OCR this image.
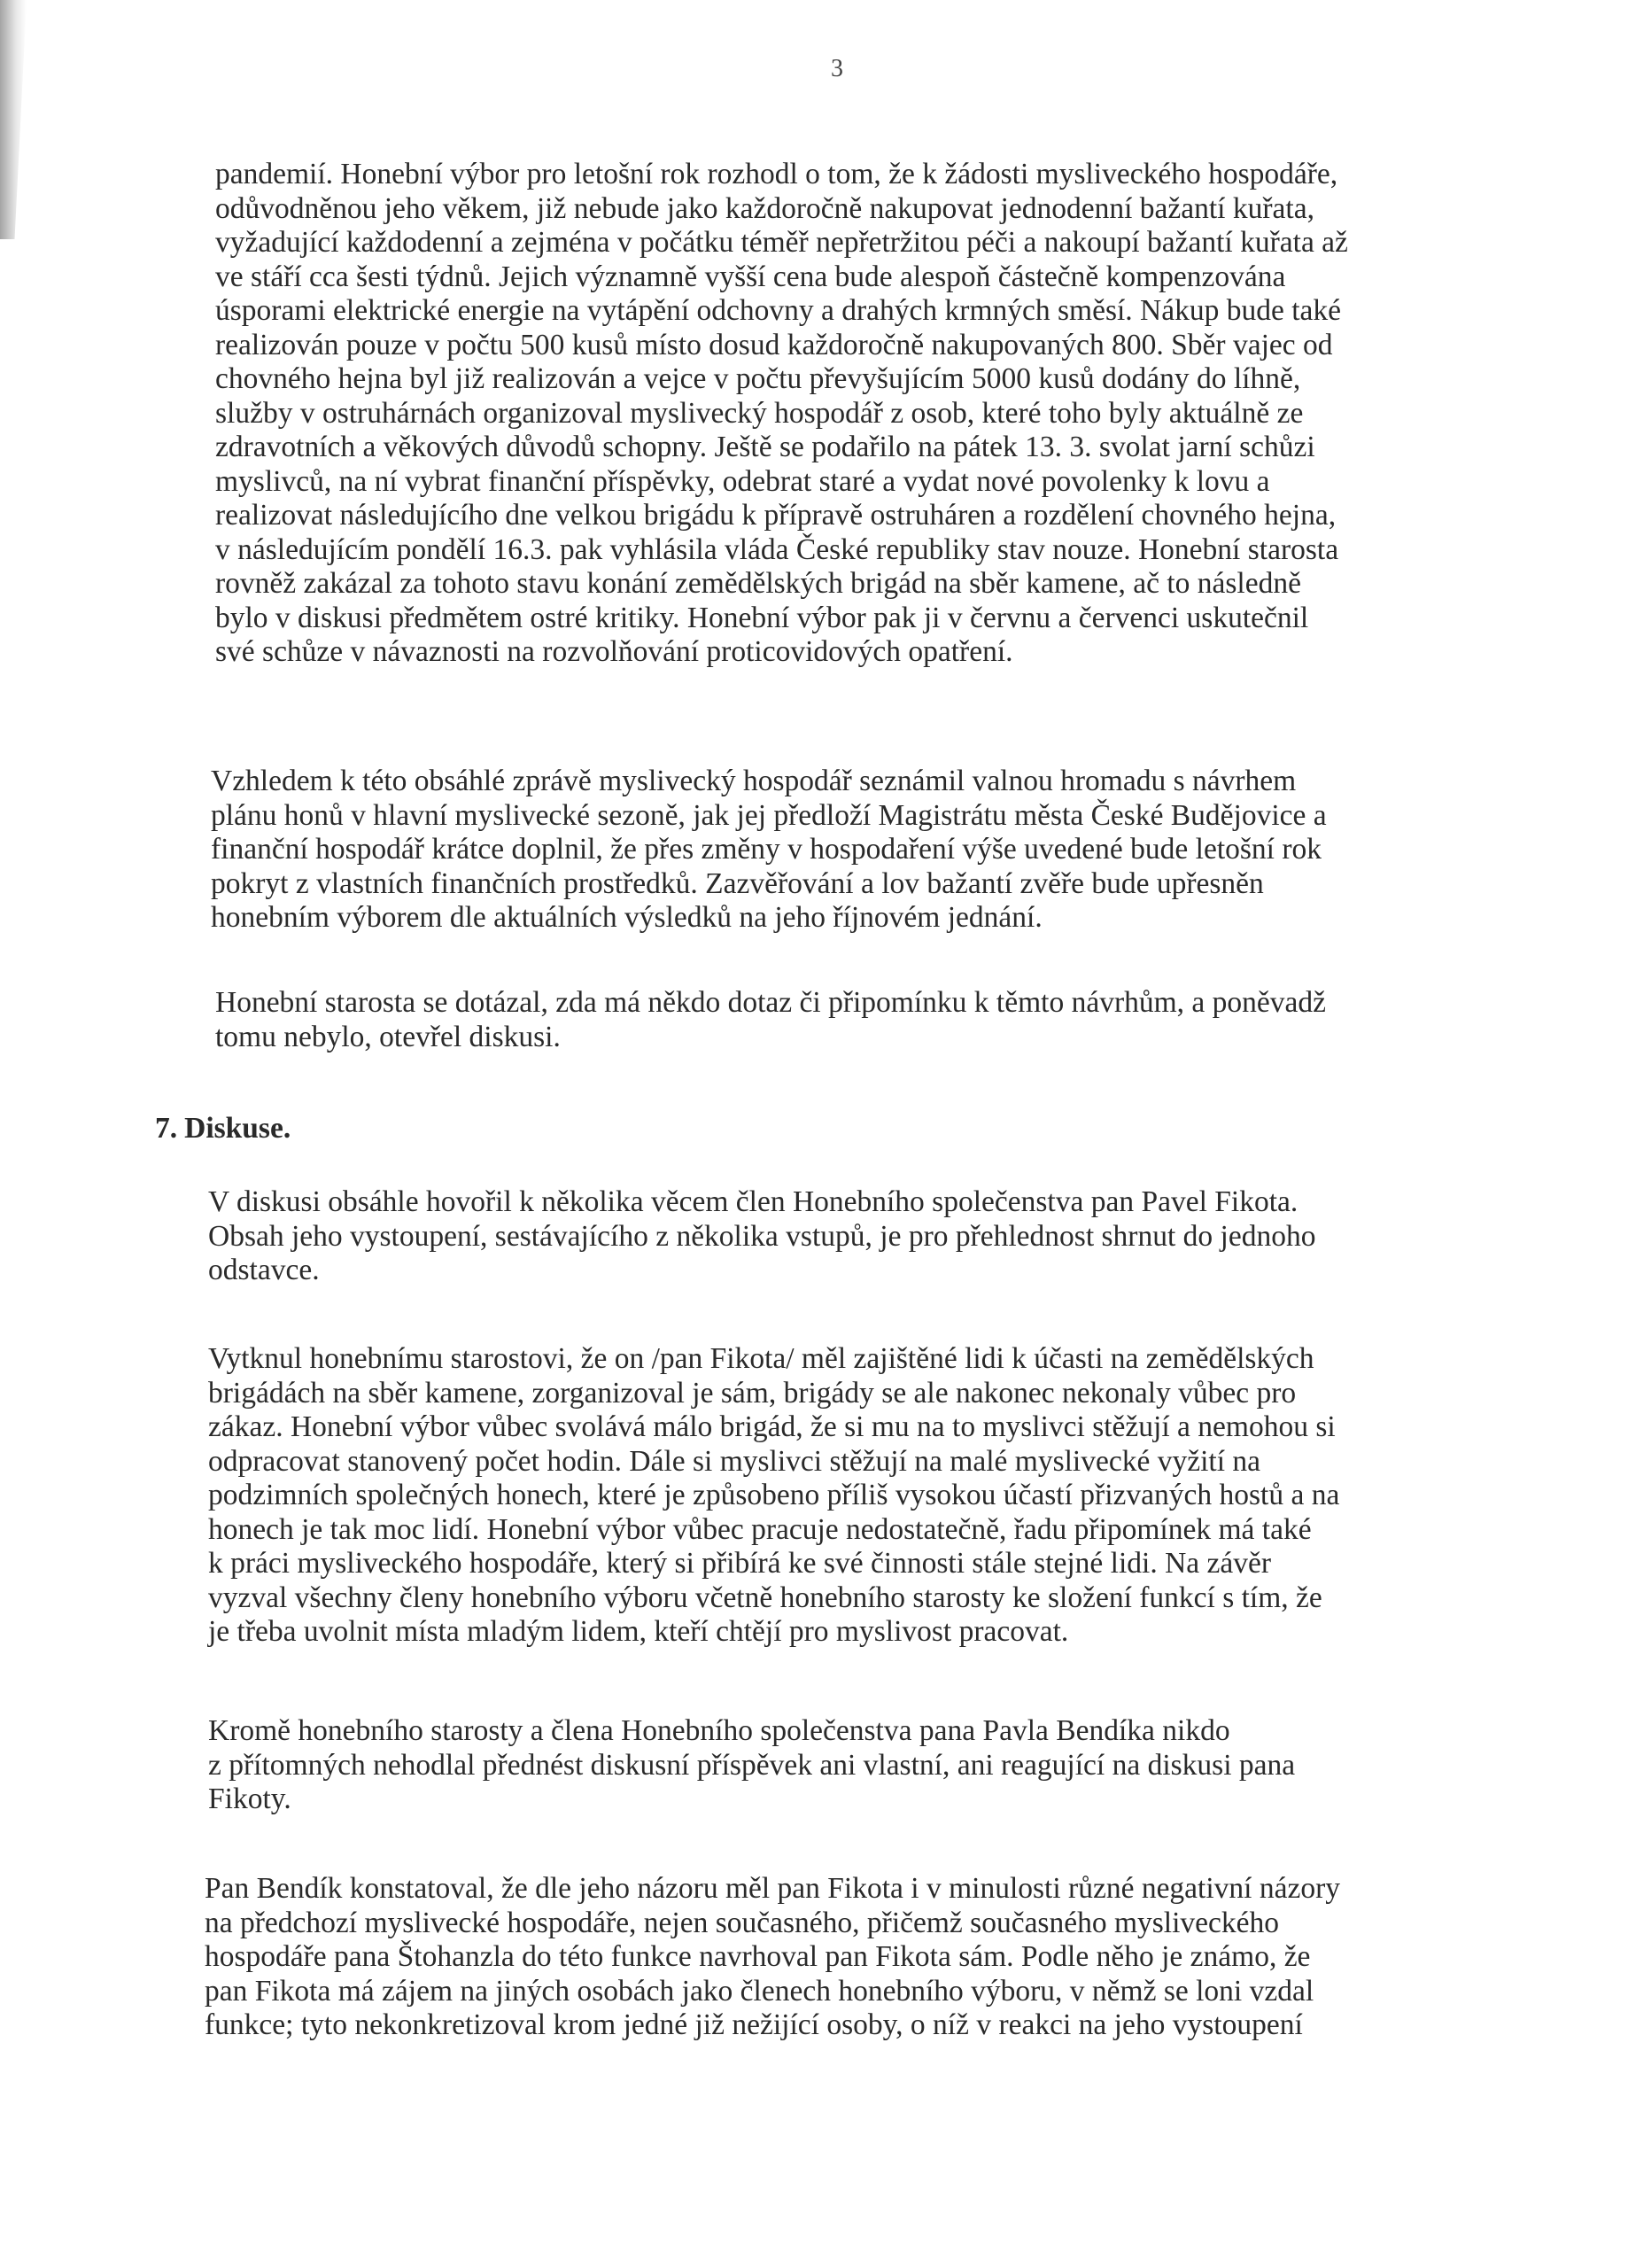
3
pandemií. Honební výbor pro letošní rok rozhodl o tom, že k žádosti mysliveckého hospodáře,
odůvodněnou jeho věkem, již nebude jako každoročně nakupovat jednodenní bažantí kuřata,
vyžadující každodenní a zejména v počátku téměř nepřetržitou péči a nakoupí bažantí kuřata až
ve stáří cca šesti týdnů. Jejich významně vyšší cena bude alespoň částečně kompenzována
úsporami elektrické energie na vytápění odchovny a drahých krmných směsí. Nákup bude také
realizován pouze v počtu 500 kusů místo dosud každoročně nakupovaných 800. Sběr vajec od
chovného hejna byl již realizován a vejce v počtu převyšujícím 5000 kusů dodány do líhně,
služby v ostruhárnách organizoval myslivecký hospodář z osob, které toho byly aktuálně ze
zdravotních a věkových důvodů schopny. Ještě se podařilo na pátek 13. 3. svolat jarní schůzi
myslivců, na ní vybrat finanční příspěvky, odebrat staré a vydat nové povolenky k lovu a
realizovat následujícího dne velkou brigádu k přípravě ostruháren a rozdělení chovného hejna,
v následujícím pondělí 16.3. pak vyhlásila vláda České republiky stav nouze. Honební starosta
rovněž zakázal za tohoto stavu konání zemědělských brigád na sběr kamene, ač to následně
bylo v diskusi předmětem ostré kritiky. Honební výbor pak ji v červnu a červenci uskutečnil
své schůze v návaznosti na rozvolňování proticovidových opatření.
Vzhledem k této obsáhlé zprávě myslivecký hospodář seznámil valnou hromadu s návrhem
plánu honů v hlavní myslivecké sezoně, jak jej předloží Magistrátu města České Budějovice a
finanční hospodář krátce doplnil, že přes změny v hospodaření výše uvedené bude letošní rok
pokryt z vlastních finančních prostředků. Zazvěřování a lov bažantí zvěře bude upřesněn
honebním výborem dle aktuálních výsledků na jeho říjnovém jednání.
Honební starosta se dotázal, zda má někdo dotaz či připomínku k těmto návrhům, a poněvadž
tomu nebylo, otevřel diskusi.
7. Diskuse.
V diskusi obsáhle hovořil k několika věcem člen Honebního společenstva pan Pavel Fikota.
Obsah jeho vystoupení, sestávajícího z několika vstupů, je pro přehlednost shrnut do jednoho
odstavce.
Vytknul honebnímu starostovi, že on /pan Fikota/ měl zajištěné lidi k účasti na zemědělských
brigádách na sběr kamene, zorganizoval je sám, brigády se ale nakonec nekonaly vůbec pro
zákaz. Honební výbor vůbec svolává málo brigád, že si mu na to myslivci stěžují a nemohou si
odpracovat stanovený počet hodin. Dále si myslivci stěžují na malé myslivecké vyžití na
podzimních společných honech, které je způsobeno příliš vysokou účastí přizvaných hostů a na
honech je tak moc lidí. Honební výbor vůbec pracuje nedostatečně, řadu připomínek má také
k práci mysliveckého hospodáře, který si přibírá ke své činnosti stále stejné lidi. Na závěr
vyzval všechny členy honebního výboru včetně honebního starosty ke složení funkcí s tím, že
je třeba uvolnit místa mladým lidem, kteří chtějí pro myslivost pracovat.
Kromě honebního starosty a člena Honebního společenstva pana Pavla Bendíka nikdo
z přítomných nehodlal přednést diskusní příspěvek ani vlastní, ani reagující na diskusi pana
Fikoty.
Pan Bendík konstatoval, že dle jeho názoru měl pan Fikota i v minulosti různé negativní názory
na předchozí myslivecké hospodáře, nejen současného, přičemž současného mysliveckého
hospodáře pana Štohanzla do této funkce navrhoval pan Fikota sám. Podle něho je známo, že
pan Fikota má zájem na jiných osobách jako členech honebního výboru, v němž se loni vzdal
funkce; tyto nekonkretizoval krom jedné již nežijící osoby, o níž v reakci na jeho vystoupení
